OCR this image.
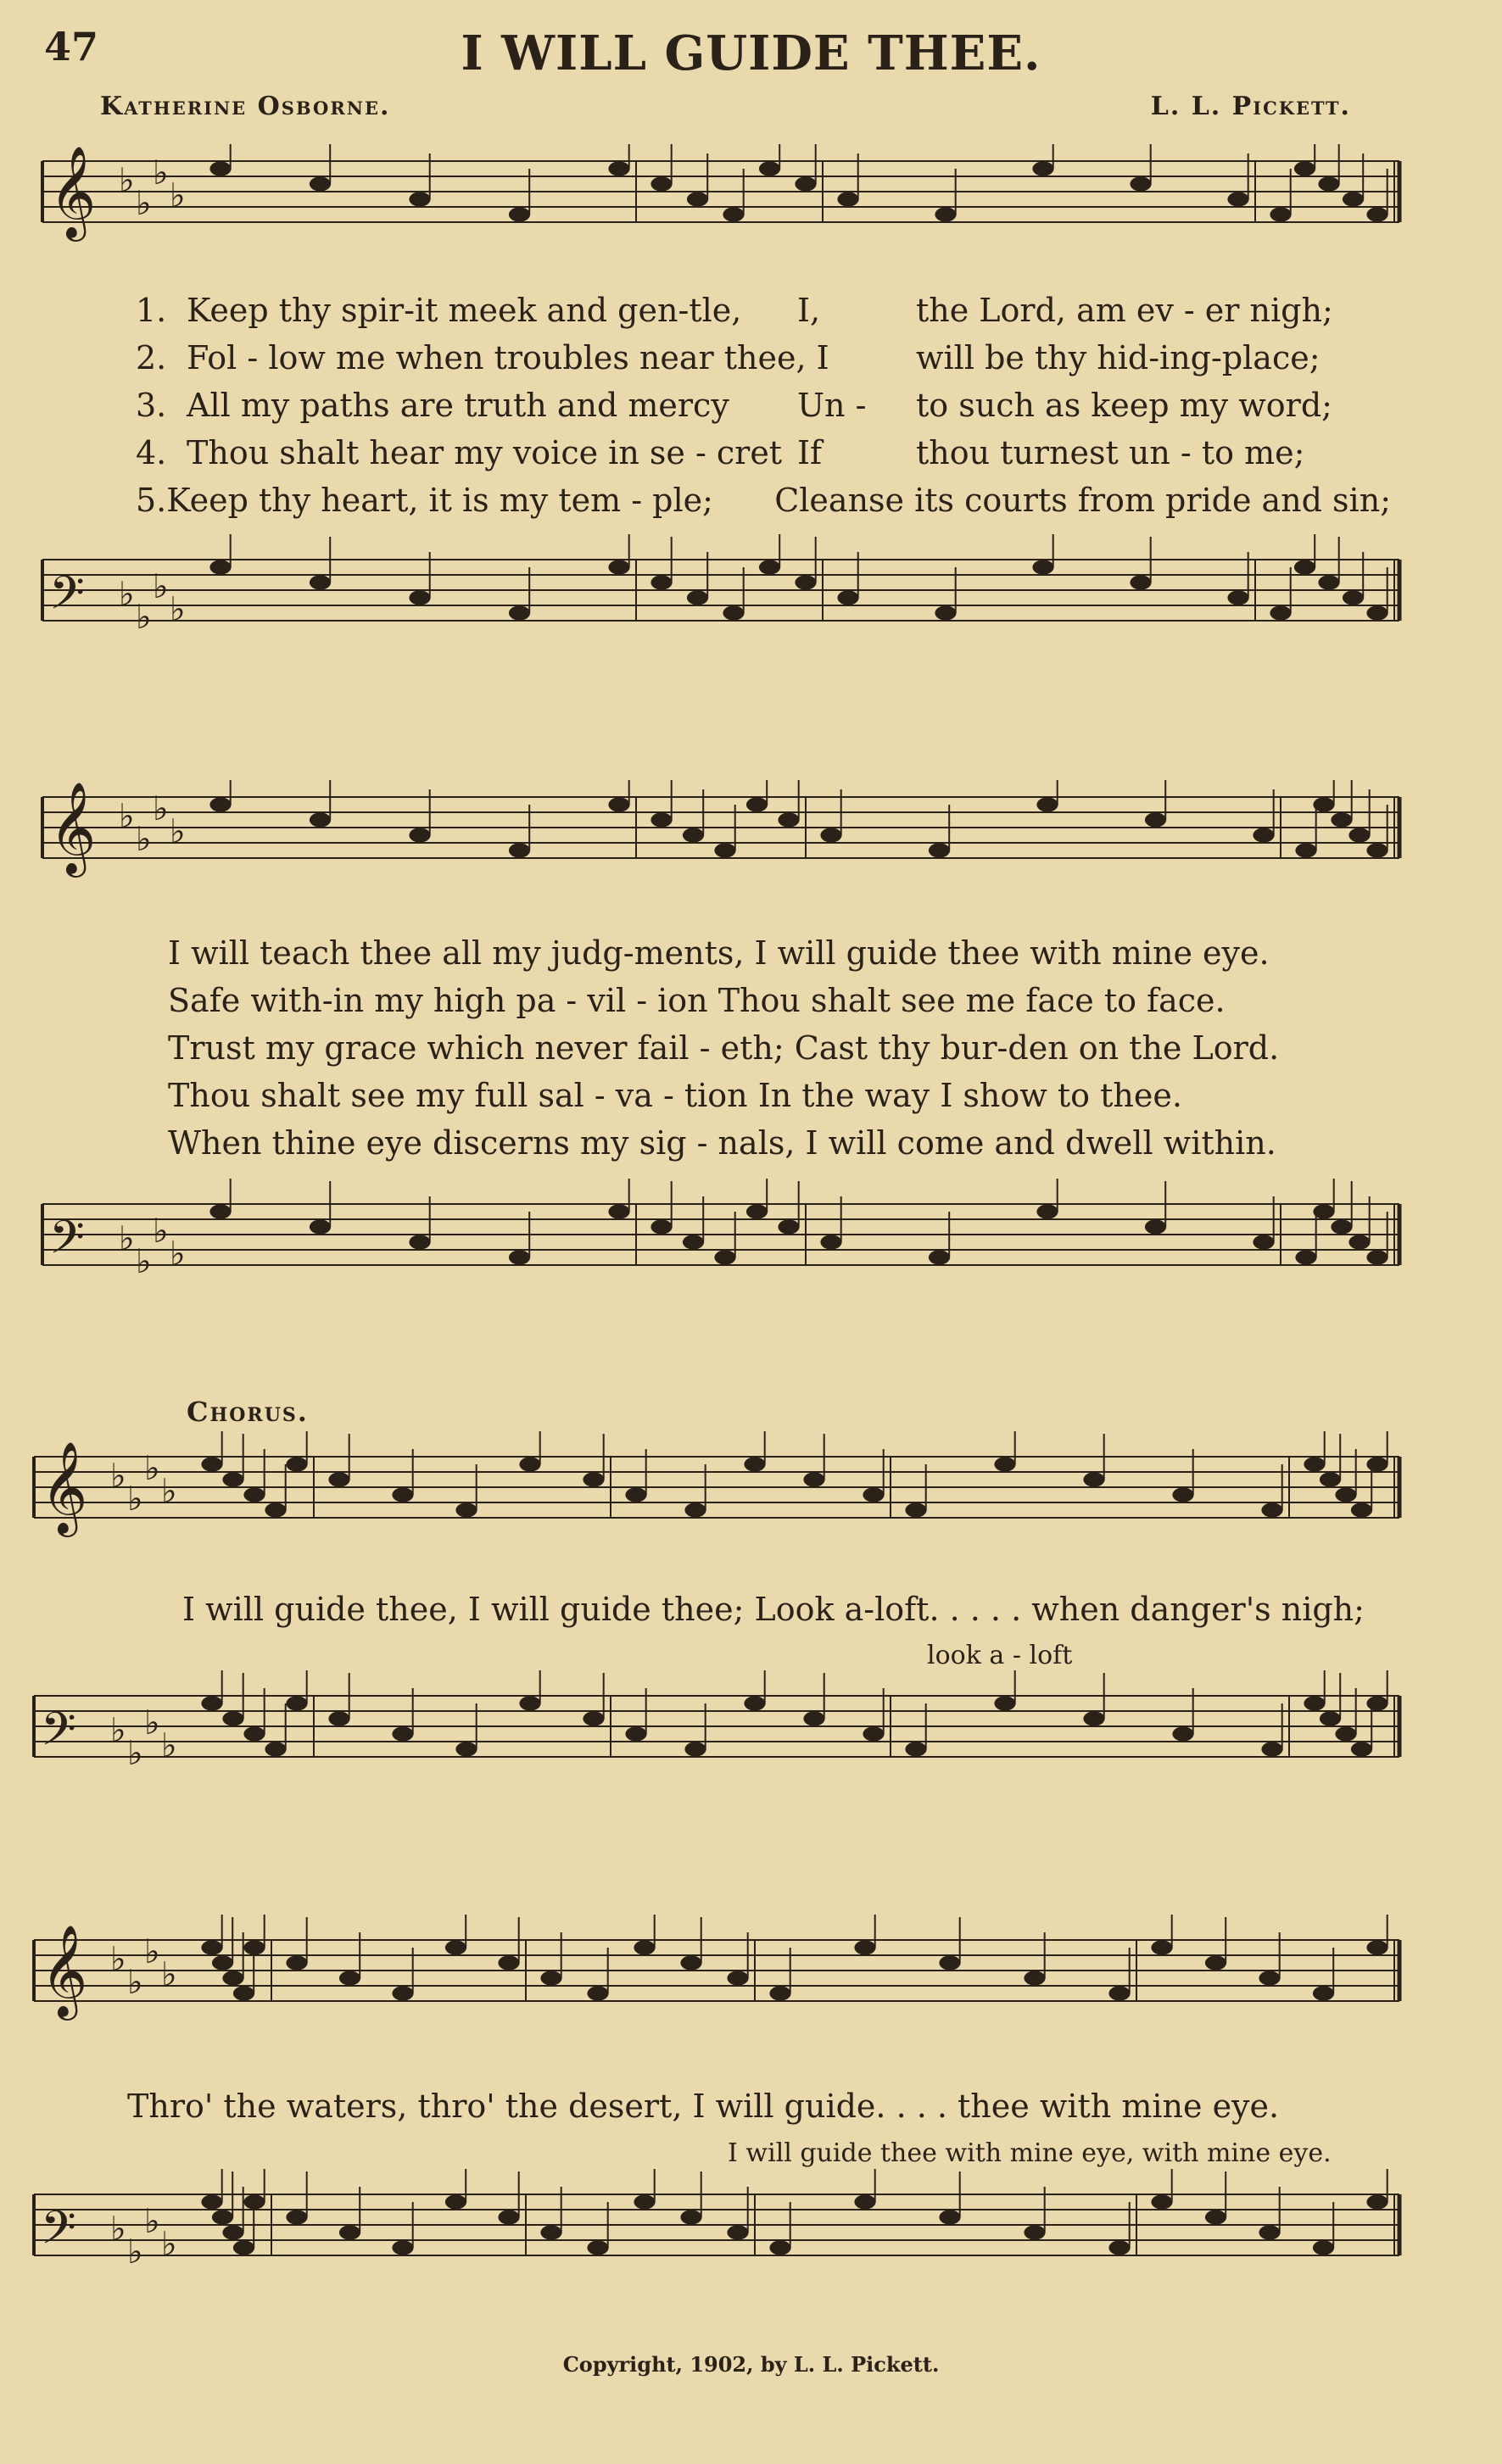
47	I WILL GUIDE THEE.
Katherine Osborne.	L. L. Pickett.
𝄞 ♭
♭
♭
♭
1. Keep thy spir-it meek and gen-tle,	I,	the Lord, am ev - er nigh;
2. Fol - low me when troubles near thee, I	will be thy hid-ing-place;
3. All my paths are truth and mercy	Un -	to such as keep my word;
4. Thou shalt hear my voice in se - cret If	thou turnest un - to me;
5. Keep thy heart, it is my tem - ple; Cleanse its courts from pride and sin;
𝄢 ♭
♭
♭
♭
𝄞 ♭
♭
♭
♭
I will teach thee all my judg-ments, I will guide thee with mine eye.
Safe with-in my high pa - vil - ion Thou shalt see me face to face.
Trust my grace which never fail - eth; Cast thy bur-den on the Lord.
Thou shalt see my full sal - va - tion In the way I show to thee.
When thine eye discerns my sig - nals, I will come and dwell within.
𝄢 ♭
♭
♭
♭
Chorus.
𝄞 ♭
♭
♭
♭
I will guide thee, I will guide thee; Look a-loft. . . . . when danger's nigh;
look a - loft
𝄢 ♭
♭
♭
♭
𝄞 ♭
♭
♭
♭
Thro' the waters, thro' the desert, I will guide. . . . thee with mine eye.
I will guide thee with mine eye, with mine eye.
𝄢 ♭
♭
♭
♭
Copyright, 1902, by L. L. Pickett.
